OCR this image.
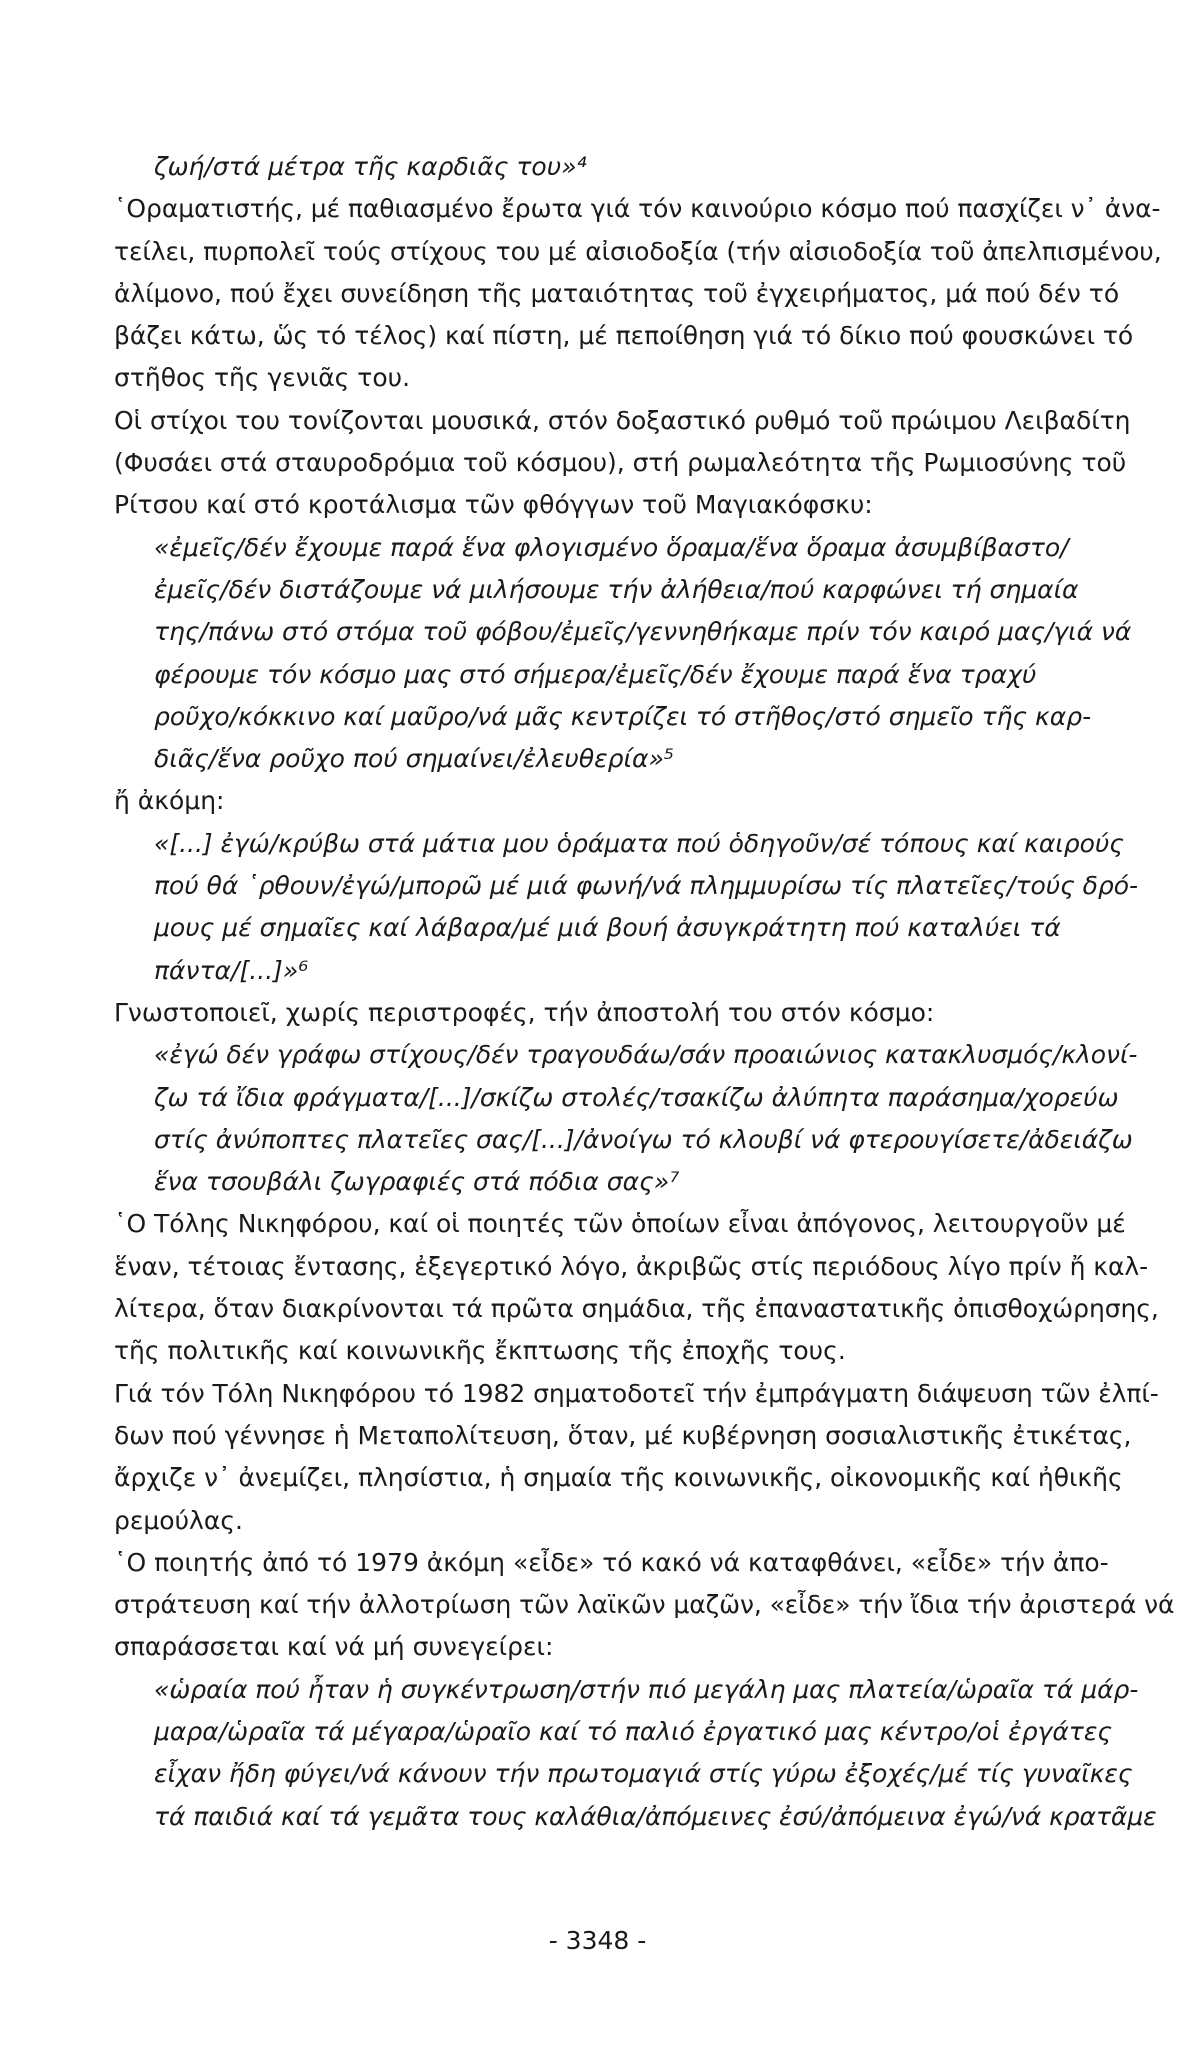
ζωή/στά μέτρα τῆς καρδιᾶς του»⁴
῾Οραματιστής, μέ παθιασμένο ἔρωτα γιά τόν καινούριο κόσμο πού πασχίζει ν᾽ ἀνα-
τείλει, πυρπολεῖ τούς στίχους του μέ αἰσιοδοξία (τήν αἰσιοδοξία τοῦ ἀπελπισμένου,
ἀλίμονο, πού ἔχει συνείδηση τῆς ματαιότητας τοῦ ἐγχειρήματος, μά πού δέν τό
βάζει κάτω, ὥς τό τέλος) καί πίστη, μέ πεποίθηση γιά τό δίκιο πού φουσκώνει τό
στῆθος τῆς γενιᾶς του.
Οἱ στίχοι του τονίζονται μουσικά, στόν δοξαστικό ρυθμό τοῦ πρώιμου Λειβαδίτη
(Φυσάει στά σταυροδρόμια τοῦ κόσμου), στή ρωμαλεότητα τῆς Ρωμιοσύνης τοῦ
Ρίτσου καί στό κροτάλισμα τῶν φθόγγων τοῦ Μαγιακόφσκυ:
«ἐμεῖς/δέν ἔχουμε παρά ἕνα φλογισμένο ὅραμα/ἕνα ὅραμα ἀσυμβίβαστο/
ἐμεῖς/δέν διστάζουμε νά μιλήσουμε τήν ἀλήθεια/πού καρφώνει τή σημαία
της/πάνω στό στόμα τοῦ φόβου/ἐμεῖς/γεννηθήκαμε πρίν τόν καιρό μας/γιά νά
φέρουμε τόν κόσμο μας στό σήμερα/ἐμεῖς/δέν ἔχουμε παρά ἕνα τραχύ
ροῦχο/κόκκινο καί μαῦρο/νά μᾶς κεντρίζει τό στῆθος/στό σημεῖο τῆς καρ-
διᾶς/ἕνα ροῦχο πού σημαίνει/ἐλευθερία»⁵
ἤ ἀκόμη:
«[...] ἐγώ/κρύβω στά μάτια μου ὁράματα πού ὁδηγοῦν/σέ τόπους καί καιρούς
πού θά ῾ρθουν/ἐγώ/μπορῶ μέ μιά φωνή/νά πλημμυρίσω τίς πλατεῖες/τούς δρό-
μους μέ σημαῖες καί λάβαρα/μέ μιά βουή ἀσυγκράτητη πού καταλύει τά
πάντα/[...]»⁶
Γνωστοποιεῖ, χωρίς περιστροφές, τήν ἀποστολή του στόν κόσμο:
«ἐγώ δέν γράφω στίχους/δέν τραγουδάω/σάν προαιώνιος κατακλυσμός/κλονί-
ζω τά ἴδια φράγματα/[...]/σκίζω στολές/τσακίζω ἀλύπητα παράσημα/χορεύω
στίς ἀνύποπτες πλατεῖες σας/[...]/ἀνοίγω τό κλουβί νά φτερουγίσετε/ἀδειάζω
ἕνα τσουβάλι ζωγραφιές στά πόδια σας»⁷
῾Ο Τόλης Νικηφόρου, καί οἱ ποιητές τῶν ὁποίων εἶναι ἀπόγονος, λειτουργοῦν μέ
ἕναν, τέτοιας ἔντασης, ἐξεγερτικό λόγο, ἀκριβῶς στίς περιόδους λίγο πρίν ἤ καλ-
λίτερα, ὅταν διακρίνονται τά πρῶτα σημάδια, τῆς ἐπαναστατικῆς ὀπισθοχώρησης,
τῆς πολιτικῆς καί κοινωνικῆς ἔκπτωσης τῆς ἐποχῆς τους.
Γιά τόν Τόλη Νικηφόρου τό 1982 σηματοδοτεῖ τήν ἐμπράγματη διάψευση τῶν ἐλπί-
δων πού γέννησε ἡ Μεταπολίτευση, ὅταν, μέ κυβέρνηση σοσιαλιστικῆς ἐτικέτας,
ἄρχιζε ν᾽ ἀνεμίζει, πλησίστια, ἡ σημαία τῆς κοινωνικῆς, οἰκονομικῆς καί ἠθικῆς
ρεμούλας.
῾Ο ποιητής ἀπό τό 1979 ἀκόμη «εἶδε» τό κακό νά καταφθάνει, «εἶδε» τήν ἀπο-
στράτευση καί τήν ἀλλοτρίωση τῶν λαϊκῶν μαζῶν, «εἶδε» τήν ἴδια τήν ἀριστερά νά
σπαράσσεται καί νά μή συνεγείρει:
«ὡραία πού ἦταν ἡ συγκέντρωση/στήν πιό μεγάλη μας πλατεία/ὡραῖα τά μάρ-
μαρα/ὡραῖα τά μέγαρα/ὡραῖο καί τό παλιό ἐργατικό μας κέντρο/οἱ ἐργάτες
εἶχαν ἤδη φύγει/νά κάνουν τήν πρωτομαγιά στίς γύρω ἐξοχές/μέ τίς γυναῖκες
τά παιδιά καί τά γεμᾶτα τους καλάθια/ἀπόμεινες ἐσύ/ἀπόμεινα ἐγώ/νά κρατᾶμε
- 3348 -
